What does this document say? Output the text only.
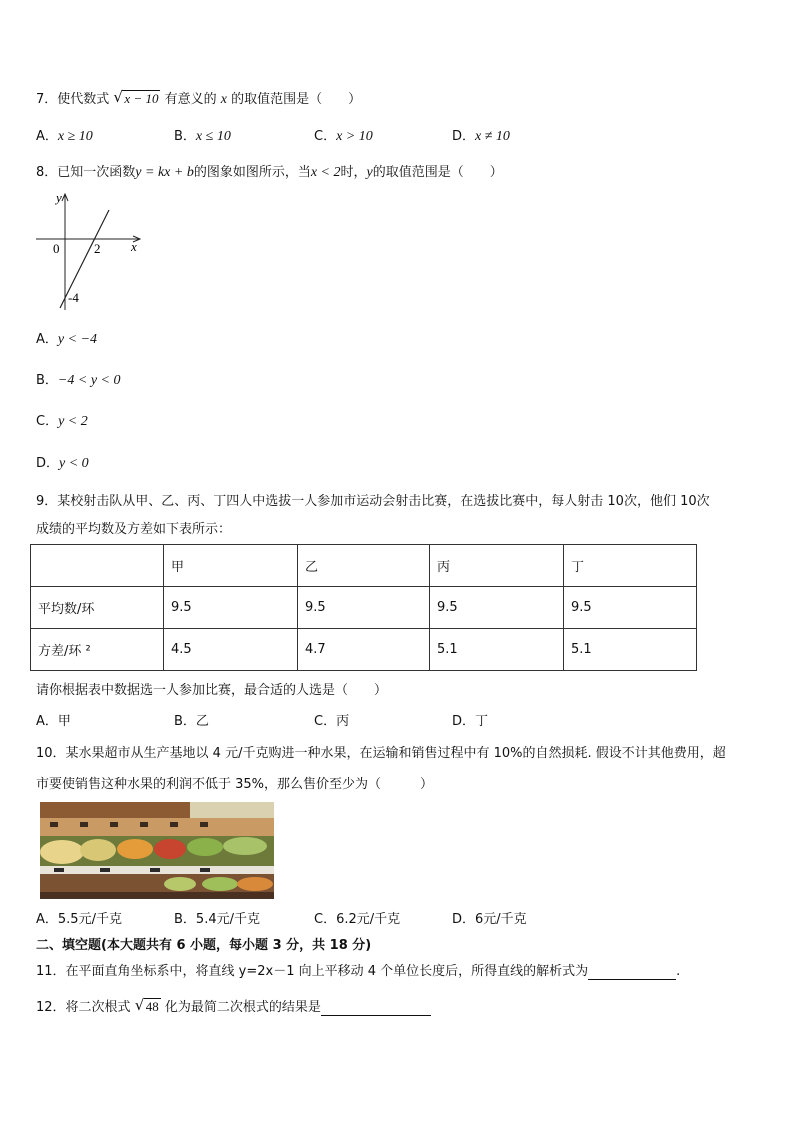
7．使代数式 √ x − 10 有意义的 x 的取值范围是（　　）
A．x ≥ 10	B．x ≤ 10	C．x > 10	D．x ≠ 10
8．已知一次函数y = kx + b的图象如图所示，当x < 2时，y的取值范围是（　　）
y
x
0	2
-4
A．y < −4
B．−4 < y < 0
C．y < 2
D．y < 0
9．某校射击队从甲、乙、丙、丁四人中选拔一人参加市运动会射击比赛，在选拔比赛中，每人射击 10次，他们 10次
成绩的平均数及方差如下表所示：
	甲	乙	丙	丁
平均数/环	9.5	9.5	9.5	9.5
方差/环 ²	4.5	4.7	5.1	5.1
请你根据表中数据选一人参加比赛，最合适的人选是（　　）
A．甲	B．乙	C．丙	D．丁
10．某水果超市从生产基地以 4 元/千克购进一种水果，在运输和销售过程中有 10%的自然损耗. 假设不计其他费用，超
市要使销售这种水果的利润不低于 35%，那么售价至少为（　　　）
A．5.5元/千克	B．5.4元/千克	C．6.2元/千克	D．6元/千克
二、填空题(本大题共有 6 小题，每小题 3 分，共 18 分)
11．在平面直角坐标系中，将直线 y=2x－1 向上平移动 4 个单位长度后，所得直线的解析式为	.
12．将二次根式 √ 48 化为最简二次根式的结果是
